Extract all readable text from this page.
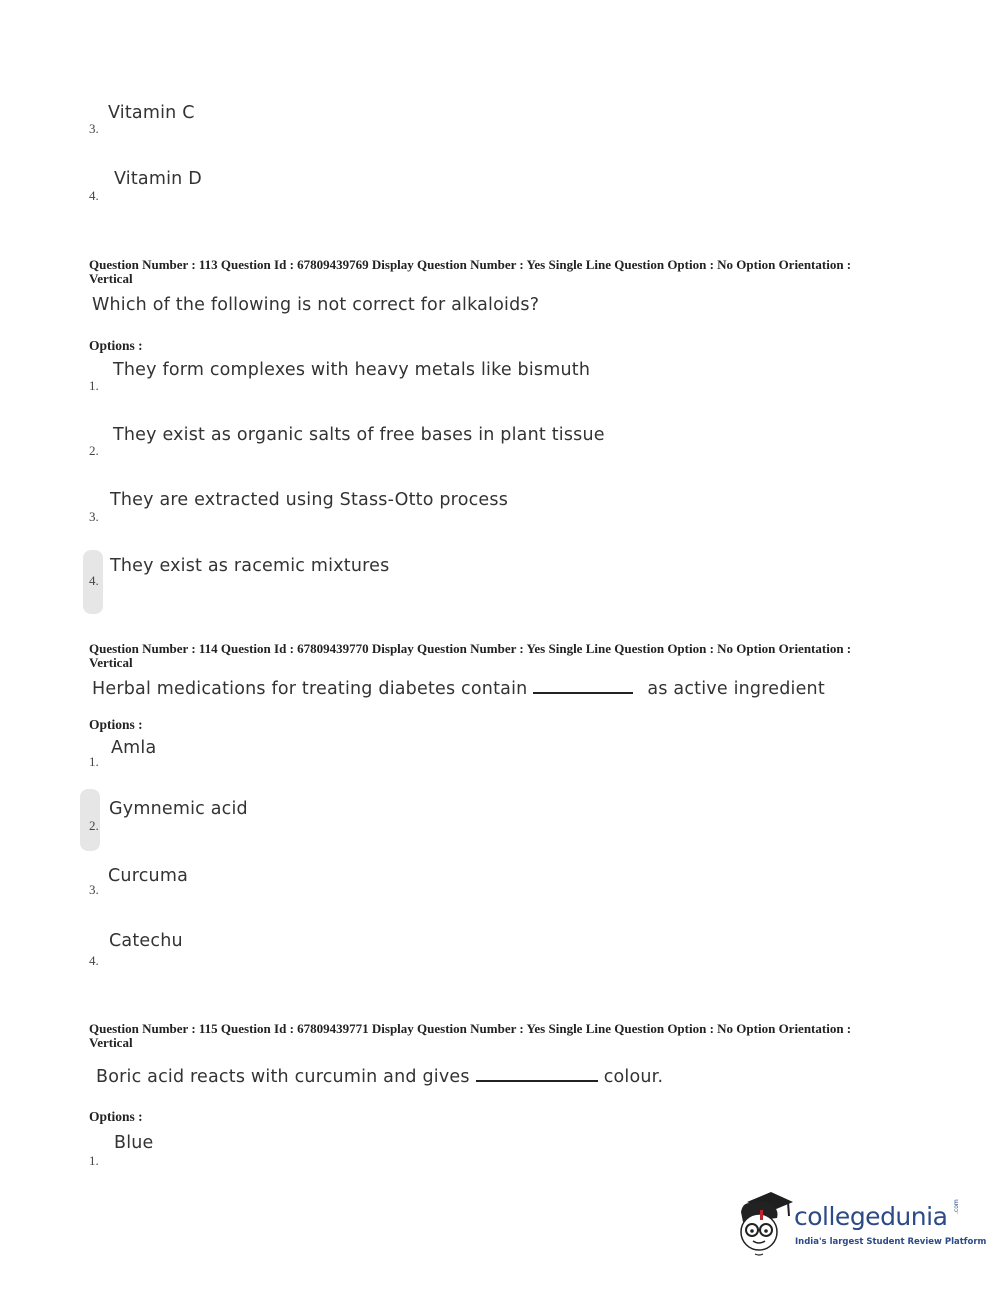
Vitamin C
3.
Vitamin D
4.
Question Number : 113 Question Id : 67809439769 Display Question Number : Yes Single Line Question Option : No Option Orientation : Vertical
Which of the following is not correct for alkaloids?
Options :
They form complexes with heavy metals like bismuth
1.
They exist as organic salts of free bases in plant tissue
2.
They are extracted using Stass-Otto process
3.
They exist as racemic mixtures
4.
Question Number : 114 Question Id : 67809439770 Display Question Number : Yes Single Line Question Option : No Option Orientation : Vertical
Herbal medications for treating diabetes contain	as active ingredient
Options :
Amla
1.
Gymnemic acid
2.
Curcuma
3.
Catechu
4.
Question Number : 115 Question Id : 67809439771 Display Question Number : Yes Single Line Question Option : No Option Orientation : Vertical
Boric acid reacts with curcumin and gives	colour.
Options :
Blue
1.
collegedunia .com
India's largest Student Review Platform
